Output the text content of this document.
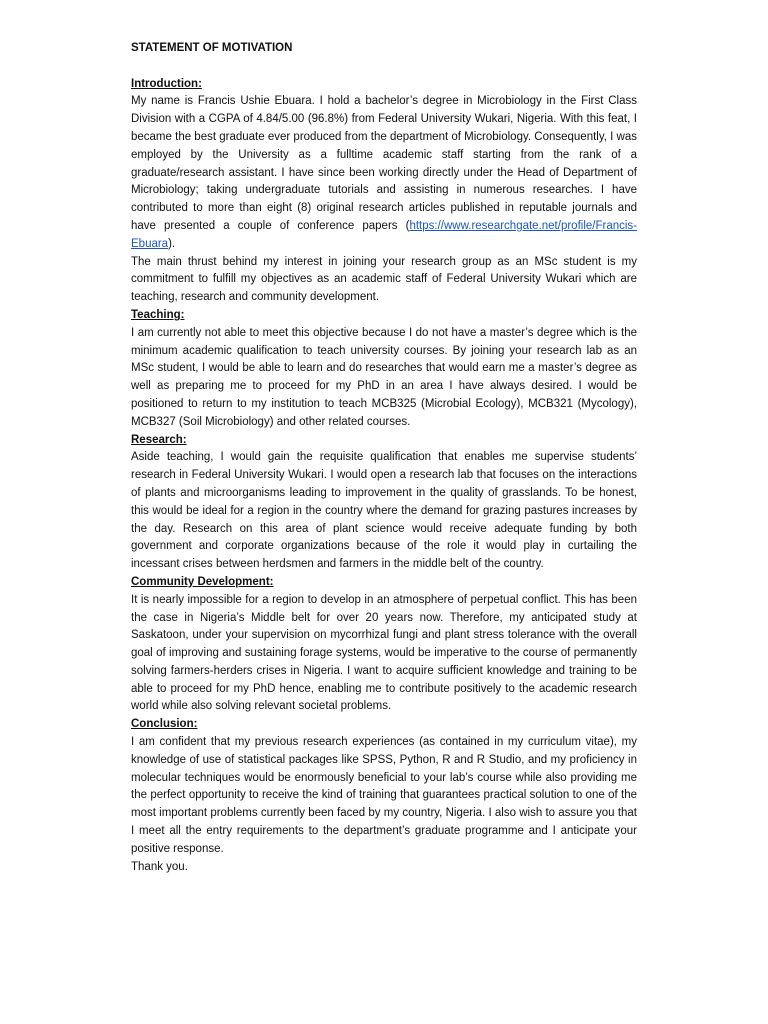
STATEMENT OF MOTIVATION

Introduction:

My name is Francis Ushie Ebuara. I hold a bachelor’s degree in Microbiology in the First Class Division with a CGPA of 4.84/5.00 (96.8%) from Federal University Wukari, Nigeria. With this feat, I became the best graduate ever produced from the department of Microbiology. Consequently, I was employed by the University as a fulltime academic staff starting from the rank of a graduate/research assistant. I have since been working directly under the Head of Department of Microbiology; taking undergraduate tutorials and assisting in numerous researches. I have contributed to more than eight (8) original research articles published in reputable journals and have presented a couple of conference papers (https://www.researchgate.net/profile/Francis-Ebuara).

The main thrust behind my interest in joining your research group as an MSc student is my commitment to fulfill my objectives as an academic staff of Federal University Wukari which are teaching, research and community development.

Teaching:

I am currently not able to meet this objective because I do not have a master’s degree which is the minimum academic qualification to teach university courses. By joining your research lab as an MSc student, I would be able to learn and do researches that would earn me a master’s degree as well as preparing me to proceed for my PhD in an area I have always desired. I would be positioned to return to my institution to teach MCB325 (Microbial Ecology), MCB321 (Mycology), MCB327 (Soil Microbiology) and other related courses.

Research:

Aside teaching, I would gain the requisite qualification that enables me supervise students’ research in Federal University Wukari. I would open a research lab that focuses on the interactions of plants and microorganisms leading to improvement in the quality of grasslands. To be honest, this would be ideal for a region in the country where the demand for grazing pastures increases by the day. Research on this area of plant science would receive adequate funding by both government and corporate organizations because of the role it would play in curtailing the incessant crises between herdsmen and farmers in the middle belt of the country.

Community Development:

It is nearly impossible for a region to develop in an atmosphere of perpetual conflict. This has been the case in Nigeria’s Middle belt for over 20 years now. Therefore, my anticipated study at Saskatoon, under your supervision on mycorrhizal fungi and plant stress tolerance with the overall goal of improving and sustaining forage systems, would be imperative to the course of permanently solving farmers-herders crises in Nigeria. I want to acquire sufficient knowledge and training to be able to proceed for my PhD hence, enabling me to contribute positively to the academic research world while also solving relevant societal problems.

Conclusion:

I am confident that my previous research experiences (as contained in my curriculum vitae), my knowledge of use of statistical packages like SPSS, Python, R and R Studio, and my proficiency in molecular techniques would be enormously beneficial to your lab’s course while also providing me the perfect opportunity to receive the kind of training that guarantees practical solution to one of the most important problems currently been faced by my country, Nigeria. I also wish to assure you that I meet all the entry requirements to the department’s graduate programme and I anticipate your positive response.

Thank you.
